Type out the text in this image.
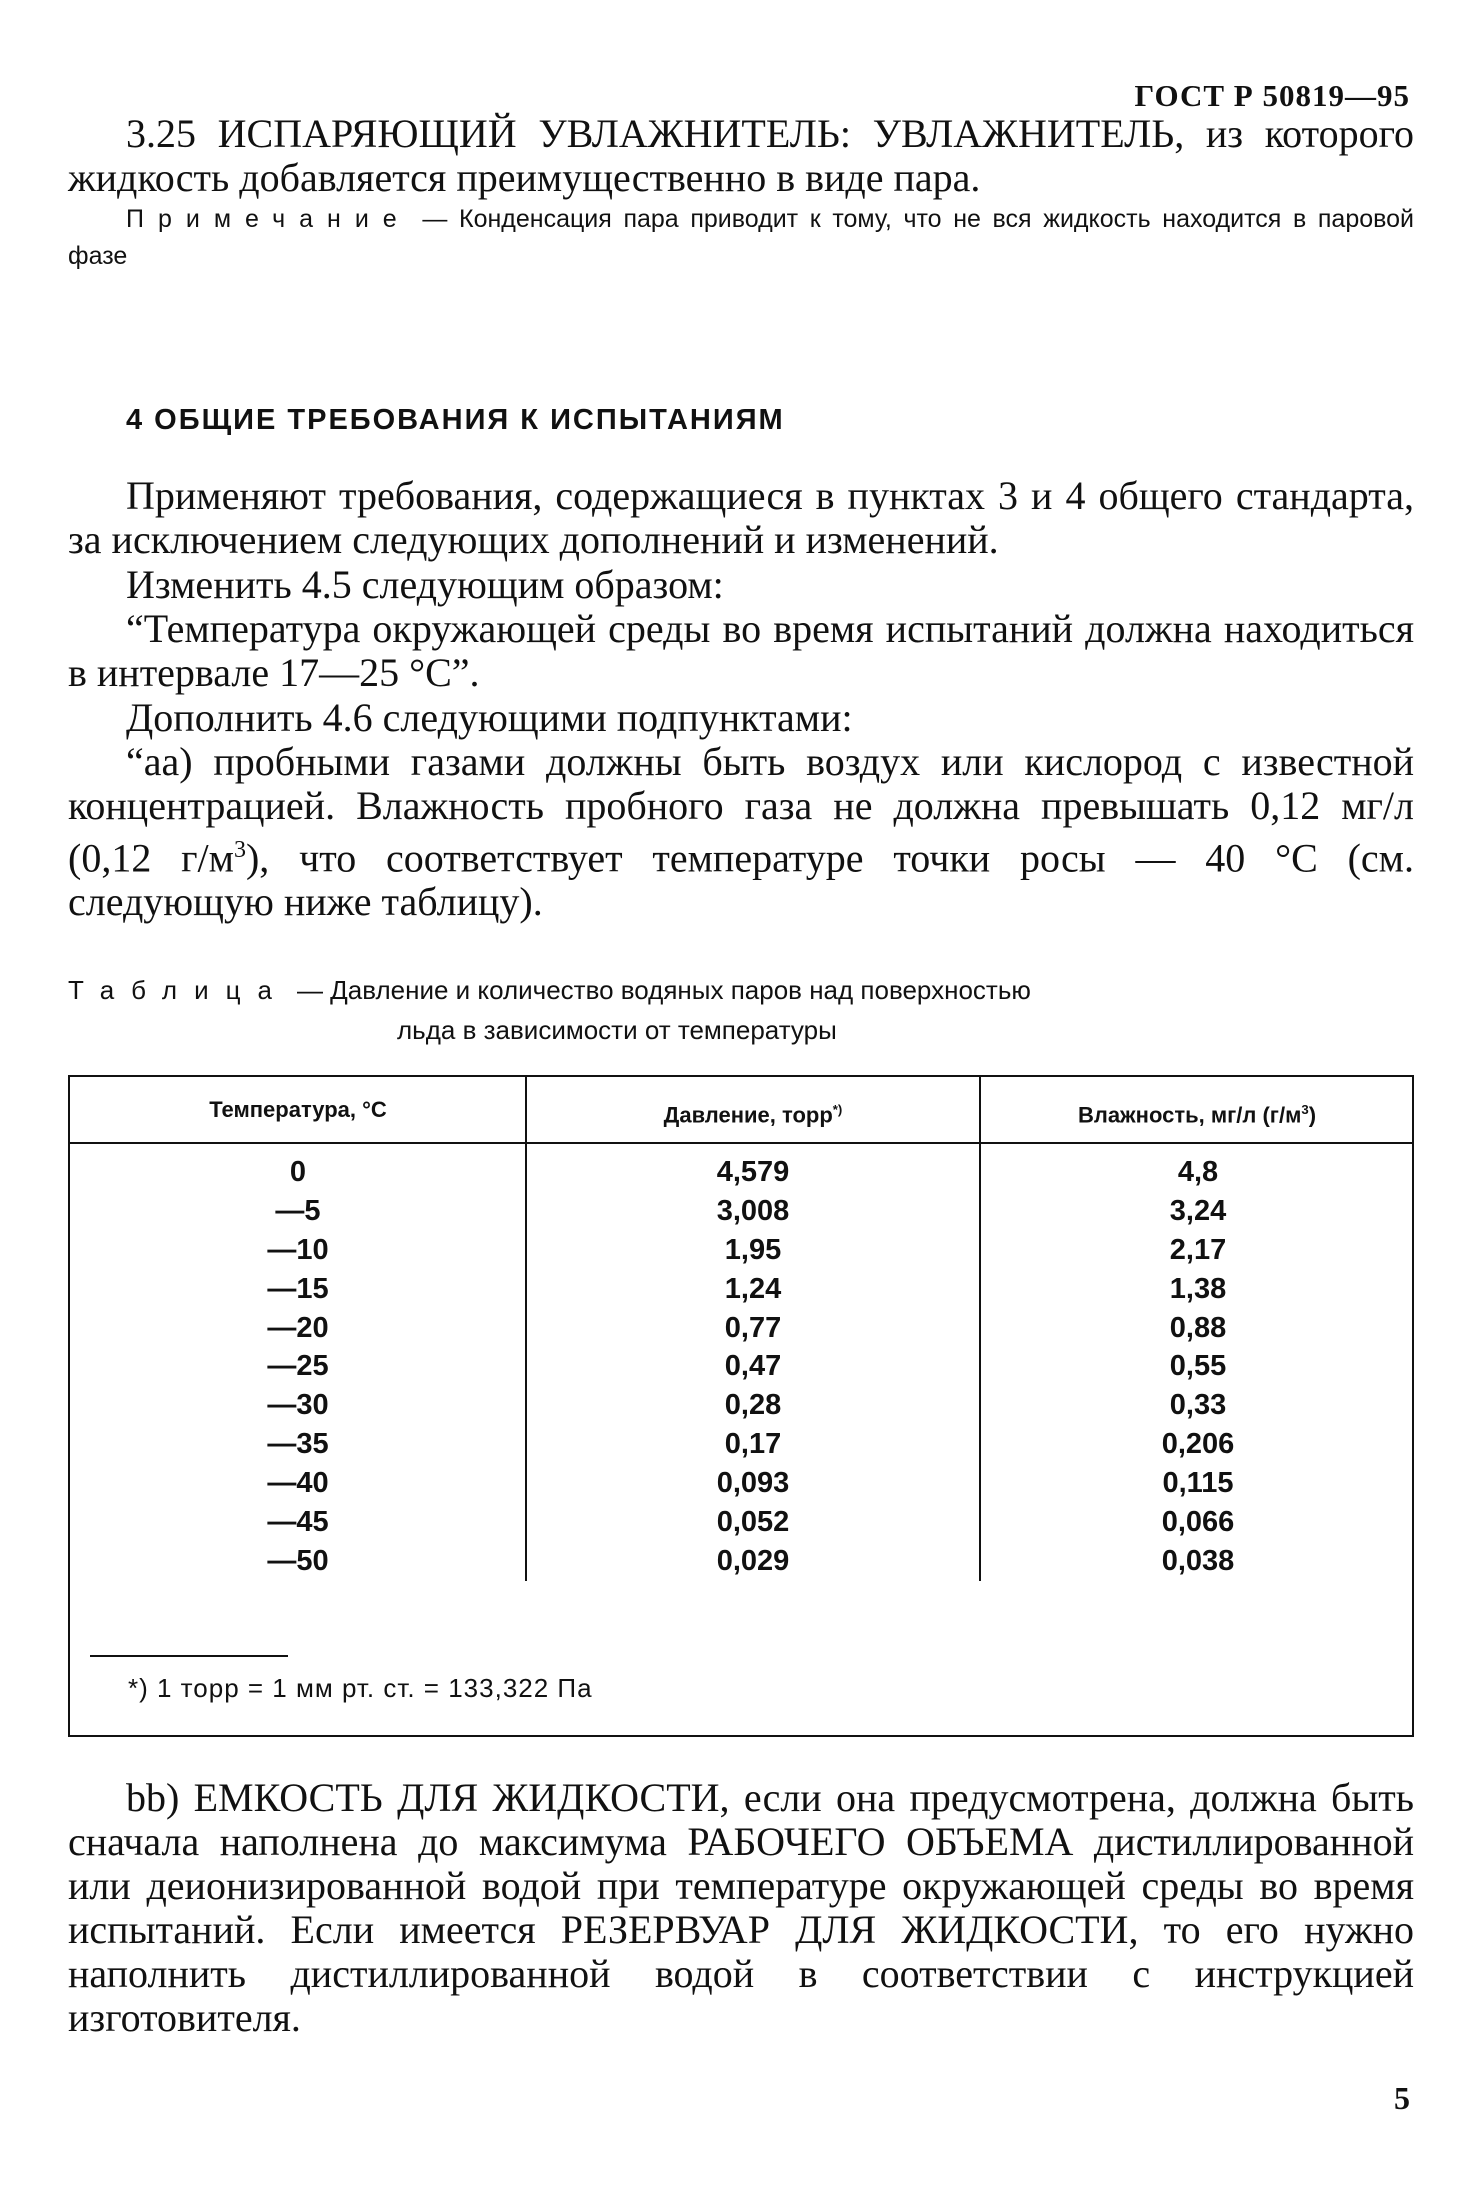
ГОСТ Р 50819—95

3.25 ИСПАРЯЮЩИЙ УВЛАЖНИТЕЛЬ: УВЛАЖНИТЕЛЬ, из которого жидкость добавляется преимущественно в виде пара.

Примечание — Конденсация пара приводит к тому, что не вся жидкость находится в паровой фазе

4 ОБЩИЕ ТРЕБОВАНИЯ К ИСПЫТАНИЯМ

Применяют требования, содержащиеся в пунктах 3 и 4 общего стандарта, за исключением следующих дополнений и изменений.

Изменить 4.5 следующим образом:

“Температура окружающей среды во время испытаний должна находиться в интервале 17—25 °С”.

Дополнить 4.6 следующими подпунктами:

“аа) пробными газами должны быть воздух или кислород с известной концентрацией. Влажность пробного газа не должна превышать 0,12 мг/л (0,12 $г/м^3$), что соответствует температуре точки росы — 40 °С (см. следующую ниже таблицу).

Таблица — Давление и количество водяных паров над поверхностью
льда в зависимости от температуры
Температура, °С	Давление, торр*)	Влажность, мг/л $(г/м^3)$
0	4,579	4,8
—5	3,008	3,24
—10	1,95	2,17
—15	1,24	1,38
—20	0,77	0,88
—25	0,47	0,55
—30	0,28	0,33
—35	0,17	0,206
—40	0,093	0,115
—45	0,052	0,066
—50	0,029	0,038
*) 1 торр = 1 мм рт. ст. = 133,322 Па

bb) ЕМКОСТЬ ДЛЯ ЖИДКОСТИ, если она предусмотрена, должна быть сначала наполнена до максимума РАБОЧЕГО ОБЪЕМА дистиллированной или деионизированной водой при температуре окружающей среды во время испытаний. Если имеется РЕЗЕРВУАР ДЛЯ ЖИДКОСТИ, то его нужно наполнить дистиллированной водой в соответствии с инструкцией изготовителя.

5
